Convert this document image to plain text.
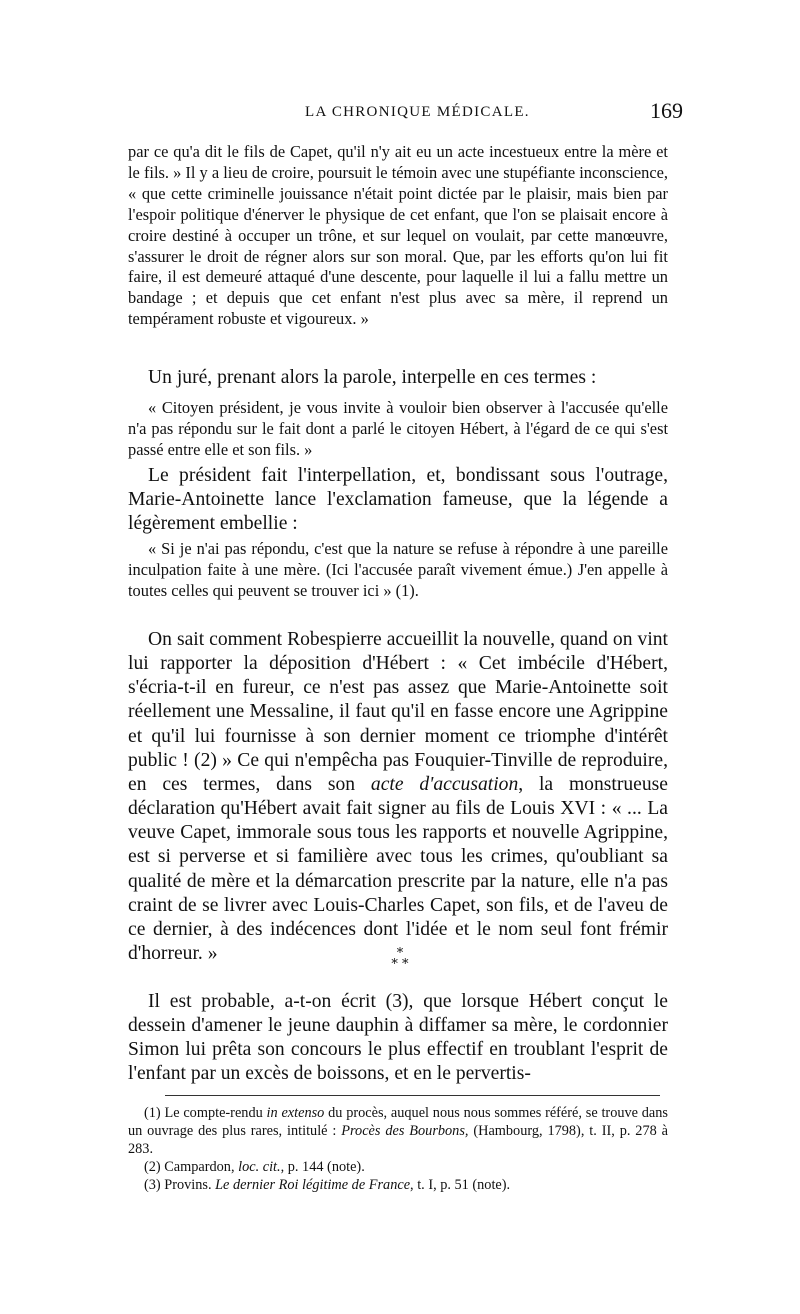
LA CHRONIQUE MÉDICALE.	169

par ce qu'a dit le fils de Capet, qu'il n'y ait eu un acte incestueux entre la mère et le fils. » Il y a lieu de croire, poursuit le témoin avec une stupéfiante inconscience, « que cette criminelle jouissance n'était point dictée par le plaisir, mais bien par l'espoir politique d'énerver le physique de cet enfant, que l'on se plaisait encore à croire destiné à occuper un trône, et sur lequel on voulait, par cette manœuvre, s'assurer le droit de régner alors sur son moral. Que, par les efforts qu'on lui fit faire, il est demeuré attaqué d'une descente, pour laquelle il lui a fallu mettre un bandage ; et depuis que cet enfant n'est plus avec sa mère, il reprend un tempérament robuste et vigoureux. »

Un juré, prenant alors la parole, interpelle en ces termes :

« Citoyen président, je vous invite à vouloir bien observer à l'accusée qu'elle n'a pas répondu sur le fait dont a parlé le citoyen Hébert, à l'égard de ce qui s'est passé entre elle et son fils. »

Le président fait l'interpellation, et, bondissant sous l'outrage, Marie-Antoinette lance l'exclamation fameuse, que la légende a légèrement embellie :

« Si je n'ai pas répondu, c'est que la nature se refuse à répondre à une pareille inculpation faite à une mère. (Ici l'accusée paraît vivement émue.) J'en appelle à toutes celles qui peuvent se trouver ici » (1).

On sait comment Robespierre accueillit la nouvelle, quand on vint lui rapporter la déposition d'Hébert : « Cet imbécile d'Hébert, s'écria-t-il en fureur, ce n'est pas assez que Marie-Antoinette soit réellement une Messaline, il faut qu'il en fasse encore une Agrippine et qu'il lui fournisse à son dernier moment ce triomphe d'intérêt public ! (2) » Ce qui n'empêcha pas Fouquier-Tinville de reproduire, en ces termes, dans son acte d'accusation, la monstrueuse déclaration qu'Hébert avait fait signer au fils de Louis XVI : « ... La veuve Capet, immorale sous tous les rapports et nouvelle Agrippine, est si perverse et si familière avec tous les crimes, qu'oubliant sa qualité de mère et la démarcation prescrite par la nature, elle n'a pas craint de se livrer avec Louis-Charles Capet, son fils, et de l'aveu de ce dernier, à des indécences dont l'idée et le nom seul font frémir d'horreur. »	*
* *

Il est probable, a-t-on écrit (3), que lorsque Hébert conçut le dessein d'amener le jeune dauphin à diffamer sa mère, le cordonnier Simon lui prêta son concours le plus effectif en troublant l'esprit de l'enfant par un excès de boissons, et en le pervertis-

(1) Le compte-rendu in extenso du procès, auquel nous nous sommes référé, se trouve dans un ouvrage des plus rares, intitulé : Procès des Bourbons, (Hambourg, 1798), t. II, p. 278 à 283.

(2) Campardon, loc. cit., p. 144 (note).

(3) Provins. Le dernier Roi légitime de France, t. I, p. 51 (note).
